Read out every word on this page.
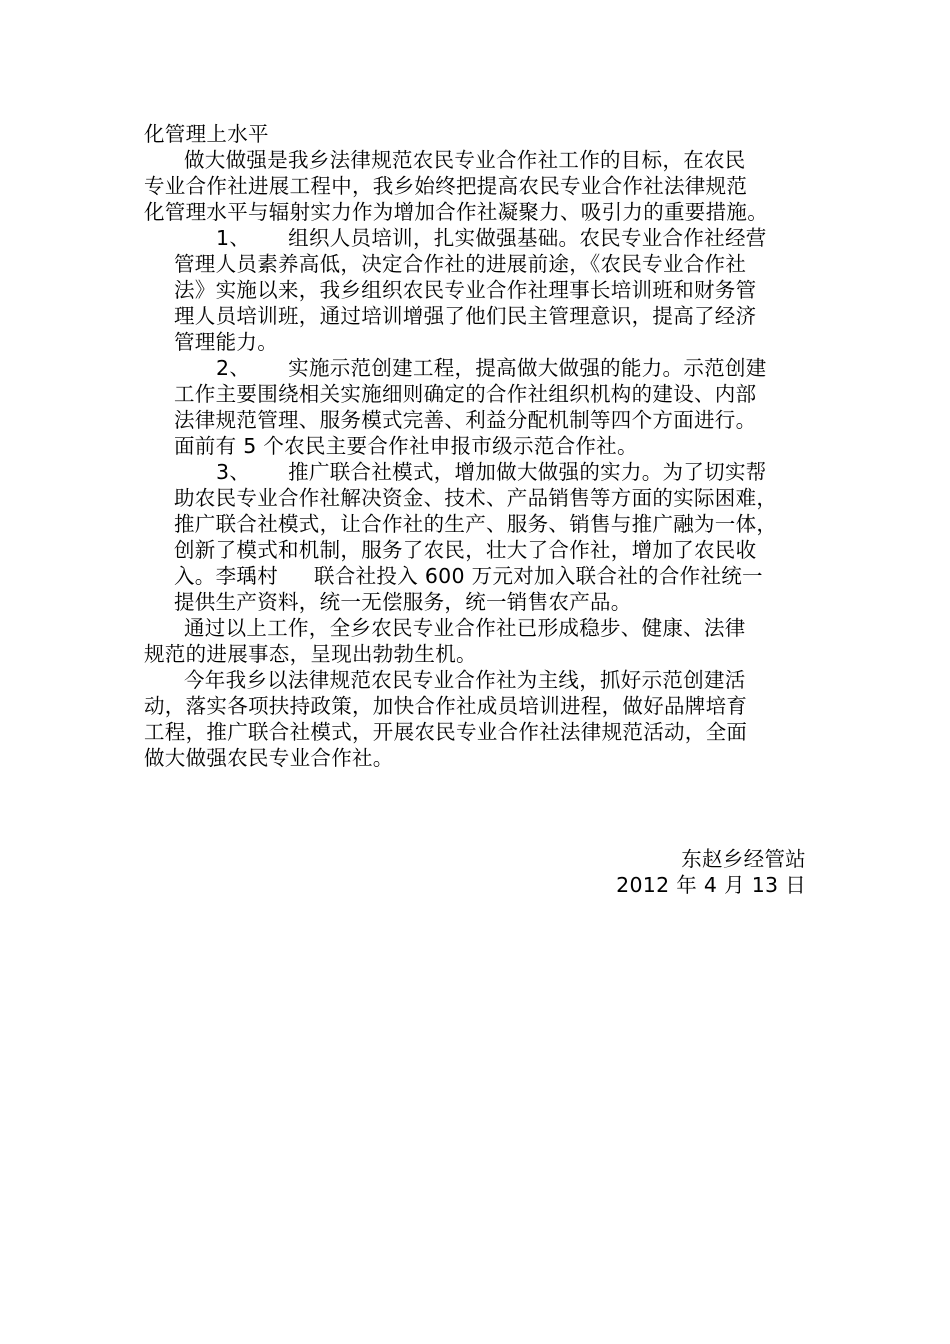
化管理上水平
做大做强是我乡法律规范农民专业合作社工作的目标，在农民
专业合作社进展工程中，我乡始终把提高农民专业合作社法律规范
化管理水平与辐射实力作为增加合作社凝聚力、吸引力的重要措施。
1、 组织人员培训，扎实做强基础。农民专业合作社经营
管理人员素养高低，决定合作社的进展前途，《农民专业合作社
法》实施以来，我乡组织农民专业合作社理事长培训班和财务管
理人员培训班，通过培训增强了他们民主管理意识，提高了经济
管理能力。
2、 实施示范创建工程，提高做大做强的能力。示范创建
工作主要围绕相关实施细则确定的合作社组织机构的建设、内部
法律规范管理、服务模式完善、利益分配机制等四个方面进行。
面前有 5 个农民主要合作社申报市级示范合作社。
3、 推广联合社模式，增加做大做强的实力。为了切实帮
助农民专业合作社解决资金、技术、产品销售等方面的实际困难，
推广联合社模式，让合作社的生产、服务、销售与推广融为一体，
创新了模式和机制，服务了农民，壮大了合作社，增加了农民收
入。李瑀村 联合社投入 600 万元对加入联合社的合作社统一
提供生产资料，统一无偿服务，统一销售农产品。
通过以上工作，全乡农民专业合作社已形成稳步、健康、法律
规范的进展事态，呈现出勃勃生机。
今年我乡以法律规范农民专业合作社为主线，抓好示范创建活
动，落实各项扶持政策，加快合作社成员培训进程，做好品牌培育
工程，推广联合社模式，开展农民专业合作社法律规范活动，全面
做大做强农民专业合作社。
东赵乡经管站
2012 年 4 月 13 日
